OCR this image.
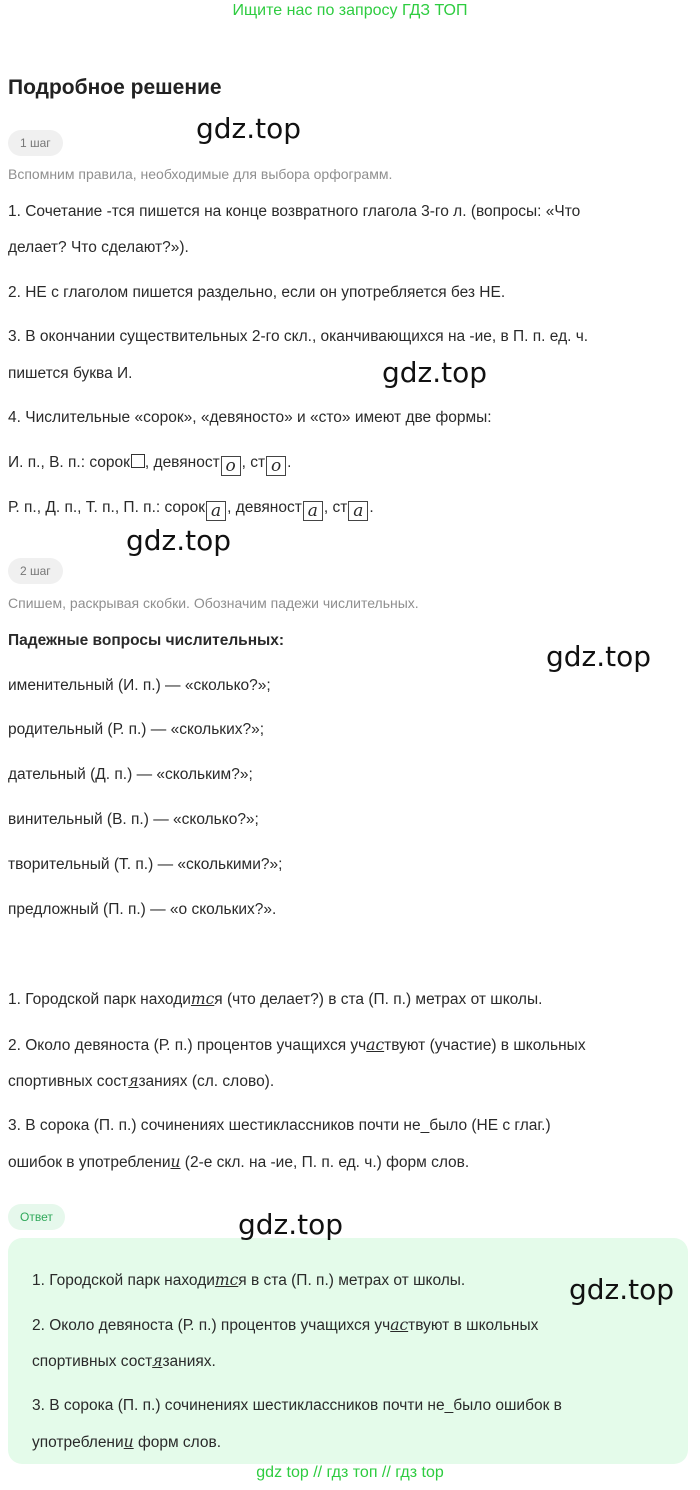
Ищите нас по запросу ГДЗ ТОП
Подробное решение
1 шаг
Вспомним правила, необходимые для выбора орфограмм.
1. Сочетание -тся пишется на конце возвратного глагола 3-го л. (вопросы: «Что
делает? Что сделают?»).
2. НЕ с глаголом пишется раздельно, если он употребляется без НЕ.
3. В окончании существительных 2-го скл., оканчивающихся на -ие, в П. п. ед. ч.
пишется буква И.
4. Числительные «сорок», «девяносто» и «сто» имеют две формы:
И. п., В. п.: сорок , девяност о , ст о .
Р. п., Д. п., Т. п., П. п.: сорок а , девяност а , ст а .
2 шаг
Спишем, раскрывая скобки. Обозначим падежи числительных.
Падежные вопросы числительных:
именительный (И. п.) — «сколько?»;
родительный (Р. п.) — «скольких?»;
дательный (Д. п.) — «скольким?»;
винительный (В. п.) — «сколько?»;
творительный (Т. п.) — «сколькими?»;
предложный (П. п.) — «о скольких?».
1. Городской парк находится (что делает?) в ста (П. п.) метрах от школы.
2. Около девяноста (Р. п.) процентов учащихся участвуют (участие) в школьных
спортивных состязаниях (сл. слово).
3. В сорока (П. п.) сочинениях шестиклассников почти не_было (НЕ с глаг.)
ошибок в употреблении (2-е скл. на -ие, П. п. ед. ч.) форм слов.
Ответ
1. Городской парк находится в ста (П. п.) метрах от школы.
2. Около девяноста (Р. п.) процентов учащихся участвуют в школьных
спортивных состязаниях.
3. В сорока (П. п.) сочинениях шестиклассников почти не_было ошибок в
употреблении форм слов.
gdz.top
gdz.top
gdz.top
gdz.top
gdz.top
gdz.top
gdz top // гдз топ // гдз top
